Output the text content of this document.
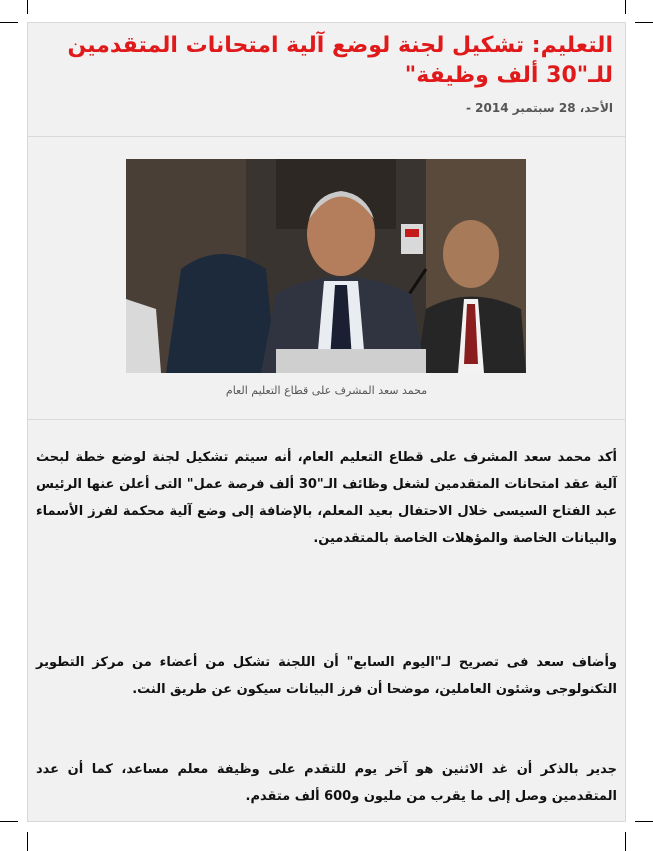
التعليم: تشكيل لجنة لوضع آلية امتحانات المتقدمين للـ"30 ألف وظيفة"
الأحد، 28 سبتمبر 2014 -
محمد سعد المشرف على قطاع التعليم العام

أكد محمد سعد المشرف على قطاع التعليم العام، أنه سيتم تشكيل لجنة لوضع خطة لبحث آلية عقد امتحانات المتقدمين لشغل وظائف الـ"30 ألف فرصة عمل" التى أعلن عنها الرئيس عبد الفتاح السيسى خلال الاحتفال بعيد المعلم، بالإضافة إلى وضع آلية محكمة لفرز الأسماء والبيانات الخاصة والمؤهلات الخاصة بالمتقدمين.

وأضاف سعد فى تصريح لـ"اليوم السابع" أن اللجنة تشكل من أعضاء من مركز التطوير التكنولوجى وشئون العاملين، موضحا أن فرز البيانات سيكون عن طريق النت.

جدير بالذكر أن غد الاثنين هو آخر يوم للتقدم على وظيفة معلم مساعد، كما أن عدد المتقدمين وصل إلى ما يقرب من مليون و600 ألف متقدم.
